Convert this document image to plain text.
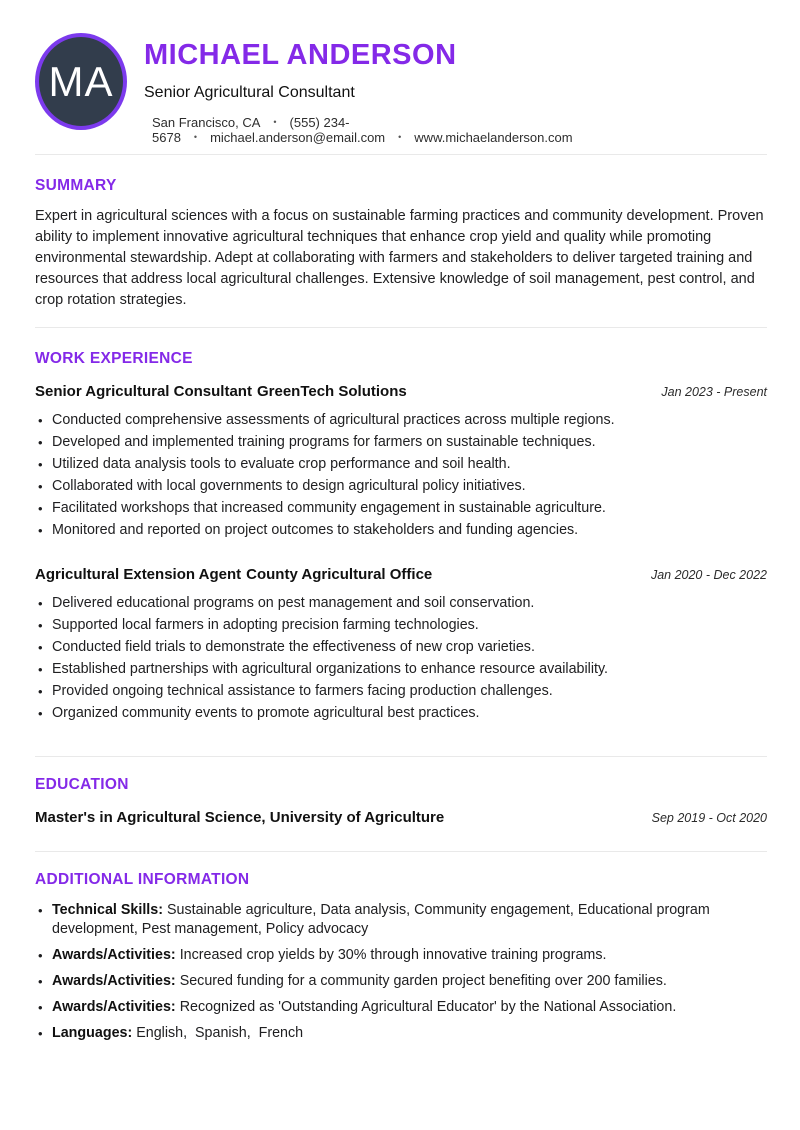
MA
MICHAEL ANDERSON
Senior Agricultural Consultant
San Francisco, CA • (555) 234-5678 • michael.anderson@email.com • www.michaelanderson.com
SUMMARY

Expert in agricultural sciences with a focus on sustainable farming practices and community development. Proven ability to implement innovative agricultural techniques that enhance crop yield and quality while promoting environmental stewardship. Adept at collaborating with farmers and stakeholders to deliver targeted training and resources that address local agricultural challenges. Extensive knowledge of soil management, pest control, and crop rotation strategies.

WORK EXPERIENCE
Senior Agricultural Consultant GreenTech Solutions	Jan 2023 - Present
• Conducted comprehensive assessments of agricultural practices across multiple regions.
• Developed and implemented training programs for farmers on sustainable techniques.
• Utilized data analysis tools to evaluate crop performance and soil health.
• Collaborated with local governments to design agricultural policy initiatives.
• Facilitated workshops that increased community engagement in sustainable agriculture.
• Monitored and reported on project outcomes to stakeholders and funding agencies.
Agricultural Extension Agent County Agricultural Office	Jan 2020 - Dec 2022
• Delivered educational programs on pest management and soil conservation.
• Supported local farmers in adopting precision farming technologies.
• Conducted field trials to demonstrate the effectiveness of new crop varieties.
• Established partnerships with agricultural organizations to enhance resource availability.
• Provided ongoing technical assistance to farmers facing production challenges.
• Organized community events to promote agricultural best practices.
EDUCATION
Master's in Agricultural Science, University of Agriculture	Sep 2019 - Oct 2020
ADDITIONAL INFORMATION
• Technical Skills: Sustainable agriculture, Data analysis, Community engagement, Educational program development, Pest management, Policy advocacy
• Awards/Activities: Increased crop yields by 30% through innovative training programs.
• Awards/Activities: Secured funding for a community garden project benefiting over 200 families.
• Awards/Activities: Recognized as 'Outstanding Agricultural Educator' by the National Association.
• Languages: English,  Spanish,  French
